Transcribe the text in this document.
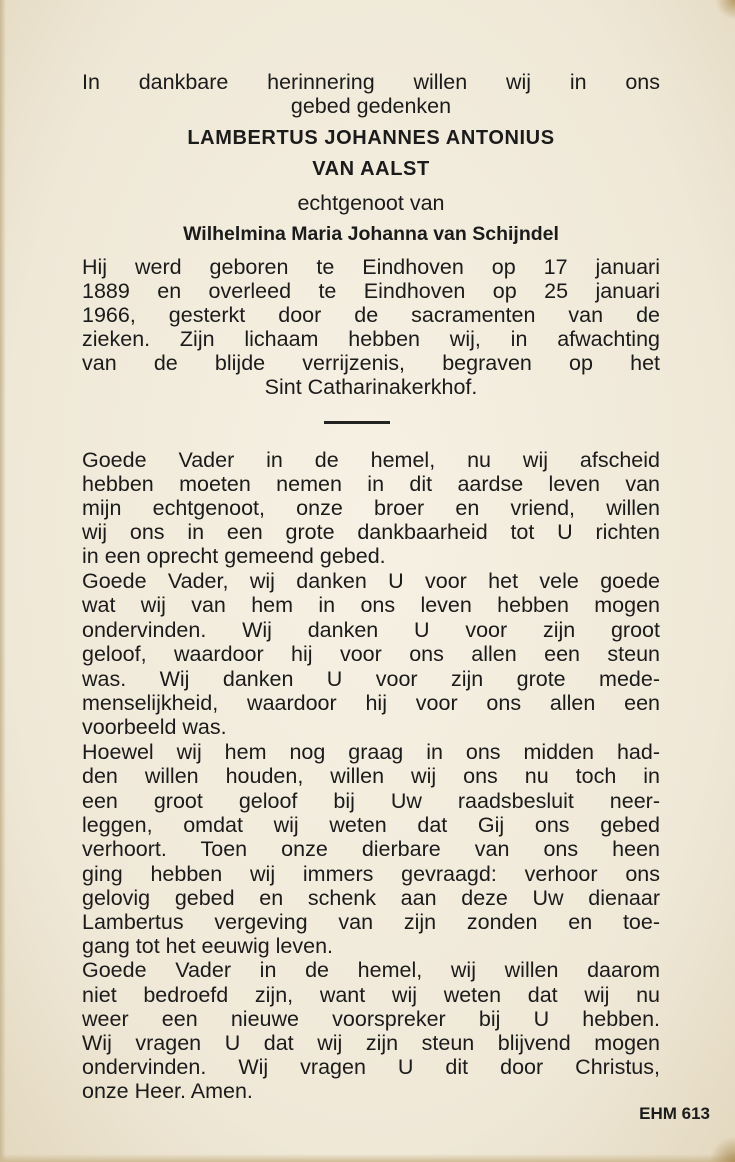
In dankbare herinnering willen wij in ons
gebed gedenken
LAMBERTUS JOHANNES ANTONIUS
VAN AALST
echtgenoot van
Wilhelmina Maria Johanna van Schijndel
Hij werd geboren te Eindhoven op 17 januari
1889 en overleed te Eindhoven op 25 januari
1966, gesterkt door de sacramenten van de
zieken. Zijn lichaam hebben wij, in afwachting
van de blijde verrijzenis, begraven op het
Sint Catharinakerkhof.
Goede Vader in de hemel, nu wij afscheid
hebben moeten nemen in dit aardse leven van
mijn echtgenoot, onze broer en vriend, willen
wij ons in een grote dankbaarheid tot U richten
in een oprecht gemeend gebed.
Goede Vader, wij danken U voor het vele goede
wat wij van hem in ons leven hebben mogen
ondervinden. Wij danken U voor zijn groot
geloof, waardoor hij voor ons allen een steun
was. Wij danken U voor zijn grote mede-
menselijkheid, waardoor hij voor ons allen een
voorbeeld was.
Hoewel wij hem nog graag in ons midden had-
den willen houden, willen wij ons nu toch in
een groot geloof bij Uw raadsbesluit neer-
leggen, omdat wij weten dat Gij ons gebed
verhoort. Toen onze dierbare van ons heen
ging hebben wij immers gevraagd: verhoor ons
gelovig gebed en schenk aan deze Uw dienaar
Lambertus vergeving van zijn zonden en toe-
gang tot het eeuwig leven.
Goede Vader in de hemel, wij willen daarom
niet bedroefd zijn, want wij weten dat wij nu
weer een nieuwe voorspreker bij U hebben.
Wij vragen U dat wij zijn steun blijvend mogen
ondervinden. Wij vragen U dit door Christus,
onze Heer. Amen.
EHM 613
